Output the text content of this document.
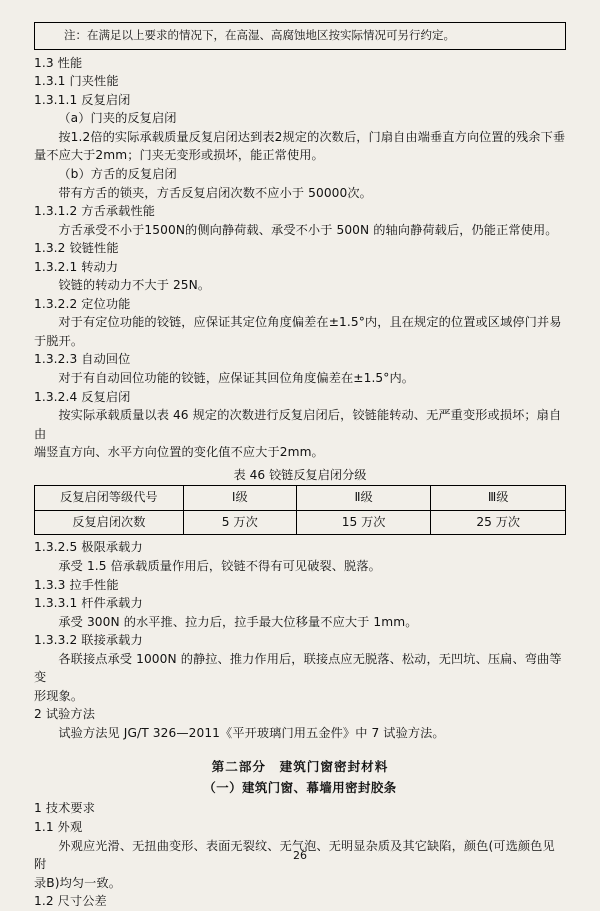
注：在满足以上要求的情况下，在高湿、高腐蚀地区按实际情况可另行约定。

1.3 性能

1.3.1 门夹性能

1.3.1.1 反复启闭

（a）门夹的反复启闭

按1.2倍的实际承载质量反复启闭达到表2规定的次数后，门扇自由端垂直方向位置的残余下垂

量不应大于2mm；门夹无变形或损坏，能正常使用。

（b）方舌的反复启闭

带有方舌的锁夹，方舌反复启闭次数不应小于 50000次。

1.3.1.2 方舌承载性能

方舌承受不小于1500N的侧向静荷载、承受不小于 500N 的轴向静荷载后，仍能正常使用。

1.3.2 铰链性能

1.3.2.1 转动力

铰链的转动力不大于 25N。

1.3.2.2 定位功能

对于有定位功能的铰链，应保证其定位角度偏差在±1.5°内，且在规定的位置或区域停门并易

于脱开。

1.3.2.3 自动回位

对于有自动回位功能的铰链，应保证其回位角度偏差在±1.5°内。

1.3.2.4 反复启闭

按实际承载质量以表 46 规定的次数进行反复启闭后，铰链能转动、无严重变形或损坏；扇自由

端竖直方向、水平方向位置的变化值不应大于2mm。

表 46 铰链反复启闭分级
反复启闭等级代号	Ⅰ级	Ⅱ级	Ⅲ级
反复启闭次数	5 万次	15 万次	25 万次

1.3.2.5 极限承载力

承受 1.5 倍承载质量作用后，铰链不得有可见破裂、脱落。

1.3.3 拉手性能

1.3.3.1 杆件承载力

承受 300N 的水平推、拉力后，拉手最大位移量不应大于 1mm。

1.3.3.2 联接承载力

各联接点承受 1000N 的静拉、推力作用后，联接点应无脱落、松动，无凹坑、压扁、弯曲等变

形现象。

2 试验方法

试验方法见 JG/T 326—2011《平开玻璃门用五金件》中 7 试验方法。

第二部分　建筑门窗密封材料
（一）建筑门窗、幕墙用密封胶条

1 技术要求

1.1 外观

外观应光滑、无扭曲变形、表面无裂纹、无气泡、无明显杂质及其它缺陷，颜色(可选颜色见附

录B)均匀一致。

1.2 尺寸公差

26
